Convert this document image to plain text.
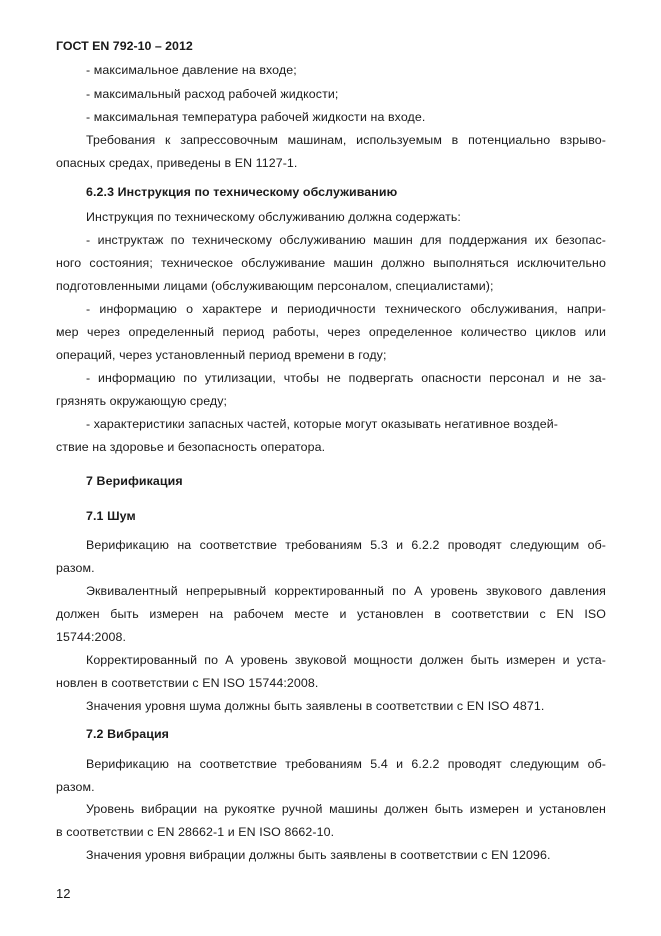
ГОСТ EN 792-10 – 2012
- максимальное давление на входе;
- максимальный расход рабочей жидкости;
- максимальная температура рабочей жидкости на входе.
Требования к запрессовочным машинам, используемым в потенциально взрыво-
опасных средах, приведены в EN 1127-1.
6.2.3 Инструкция по техническому обслуживанию
Инструкция по техническому обслуживанию должна содержать:
- инструктаж по техническому обслуживанию машин для поддержания их безопас-
ного состояния; техническое обслуживание машин должно выполняться исключительно
подготовленными лицами (обслуживающим персоналом, специалистами);
- информацию о характере и периодичности технического обслуживания, напри-
мер через определенный период работы, через определенное количество циклов или
операций, через установленный период времени в году;
- информацию по утилизации, чтобы не подвергать опасности персонал и не за-
грязнять окружающую среду;
- характеристики запасных частей, которые могут оказывать негативное воздей-
ствие на здоровье и безопасность оператора.
7 Верификация
7.1 Шум
Верификацию на соответствие требованиям 5.3 и 6.2.2 проводят следующим об-
разом.
Эквивалентный непрерывный корректированный по А уровень звукового давления
должен быть измерен на рабочем месте и установлен в соответствии с EN ISO
15744:2008.
Корректированный по А уровень звуковой мощности должен быть измерен и уста-
новлен в соответствии с EN ISO 15744:2008.
Значения уровня шума должны быть заявлены в соответствии с EN ISO 4871.
7.2 Вибрация
Верификацию на соответствие требованиям 5.4 и 6.2.2 проводят следующим об-
разом.
Уровень вибрации на рукоятке ручной машины должен быть измерен и установлен
в соответствии с EN 28662-1 и EN ISO 8662-10.
Значения уровня вибрации должны быть заявлены в соответствии с EN 12096.
12
